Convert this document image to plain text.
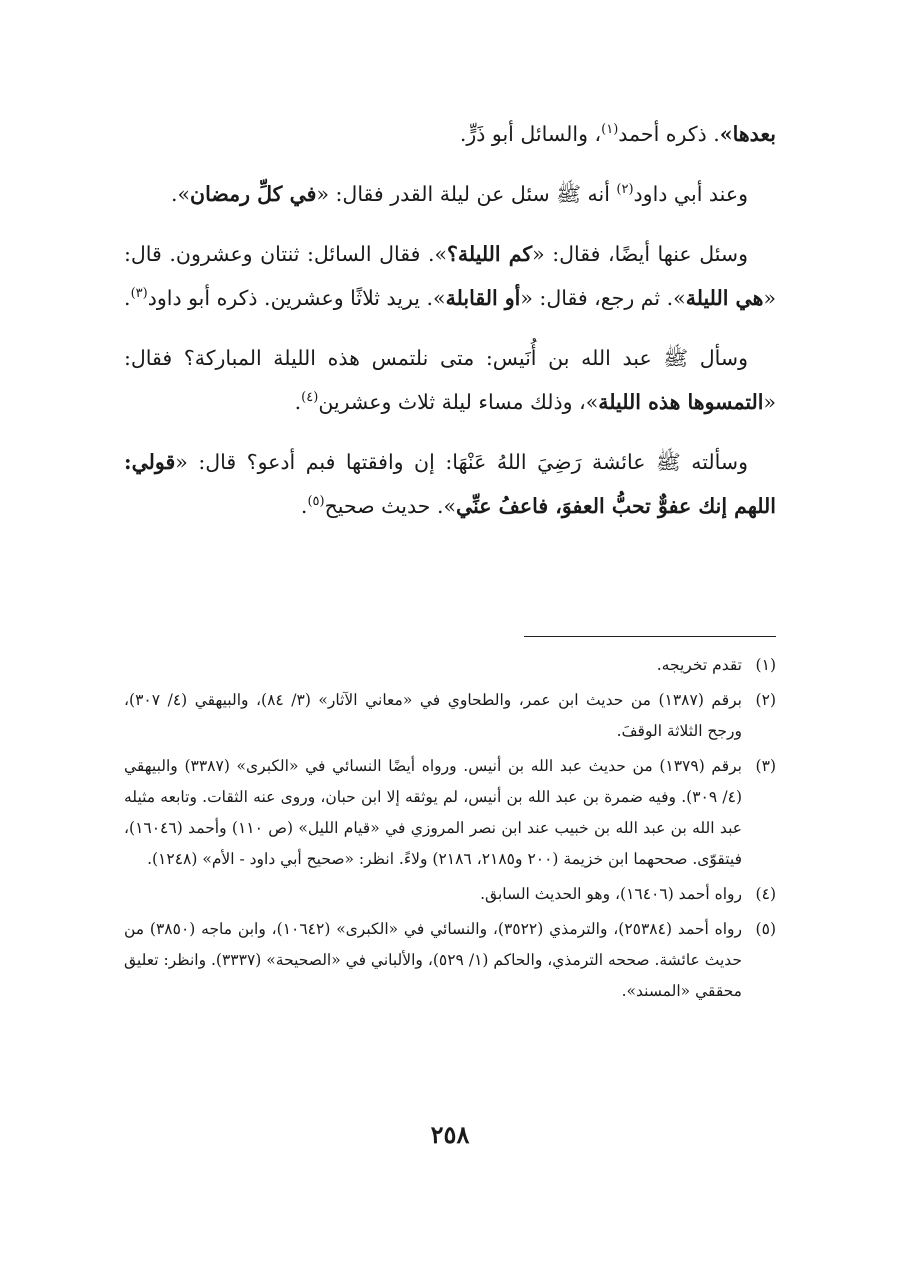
بعدها». ذكره أحمد$^{(١)}$، والسائل أبو ذَرٍّ.

وعند أبي داود$^{(٢)}$ أنه ﷺ سئل عن ليلة القدر فقال: «في كلِّ رمضان».

وسئل عنها أيضًا، فقال: «كم الليلة؟». فقال السائل: ثنتان وعشرون. قال: «هي الليلة». ثم رجع، فقال: «أو القابلة». يريد ثلاثًا وعشرين. ذكره أبو داود$^{(٣)}$.

وسأل ﷺ عبد الله بن أُنَيس: متى نلتمس هذه الليلة المباركة؟ فقال: «التمسوها هذه الليلة»، وذلك مساء ليلة ثلاث وعشرين$^{(٤)}$.

وسألته ﷺ عائشة رَضِيَ اللهُ عَنْهَا: إن وافقتها فبم أدعو؟ قال: «قولي: اللهم إنك عفوٌّ تحبُّ العفوَ، فاعفُ عنِّي». حديث صحيح$^{(٥)}$.

(١)
تقدم تخريجه.
(٢)
برقم (١٣٨٧) من حديث ابن عمر، والطحاوي في «معاني الآثار» (٣/ ٨٤)، والبيهقي (٤/ ٣٠٧)، ورجح الثلاثة الوقفَ.
(٣)
برقم (١٣٧٩) من حديث عبد الله بن أنيس. ورواه أيضًا النسائي في «الكبرى» (٣٣٨٧) والبيهقي (٤/ ٣٠٩). وفيه ضمرة بن عبد الله بن أنيس، لم يوثقه إلا ابن حبان، وروى عنه الثقات. وتابعه مثيله عبد الله بن عبد الله بن خبيب عند ابن نصر المروزي في «قيام الليل» (ص ١١٠) وأحمد (١٦٠٤٦)، فيتقوّى. صححهما ابن خزيمة (٢٠٠ و٢١٨٥، ٢١٨٦) ولاءً. انظر: «صحيح أبي داود - الأم» (١٢٤٨).
(٤)
رواه أحمد (١٦٤٠٦)، وهو الحديث السابق.
(٥)
رواه أحمد (٢٥٣٨٤)، والترمذي (٣٥٢٢)، والنسائي في «الكبرى» (١٠٦٤٢)، وابن ماجه (٣٨٥٠) من حديث عائشة. صححه الترمذي، والحاكم (١/ ٥٢٩)، والألباني في «الصحيحة» (٣٣٣٧). وانظر: تعليق محققي «المسند».
٢٥٨
